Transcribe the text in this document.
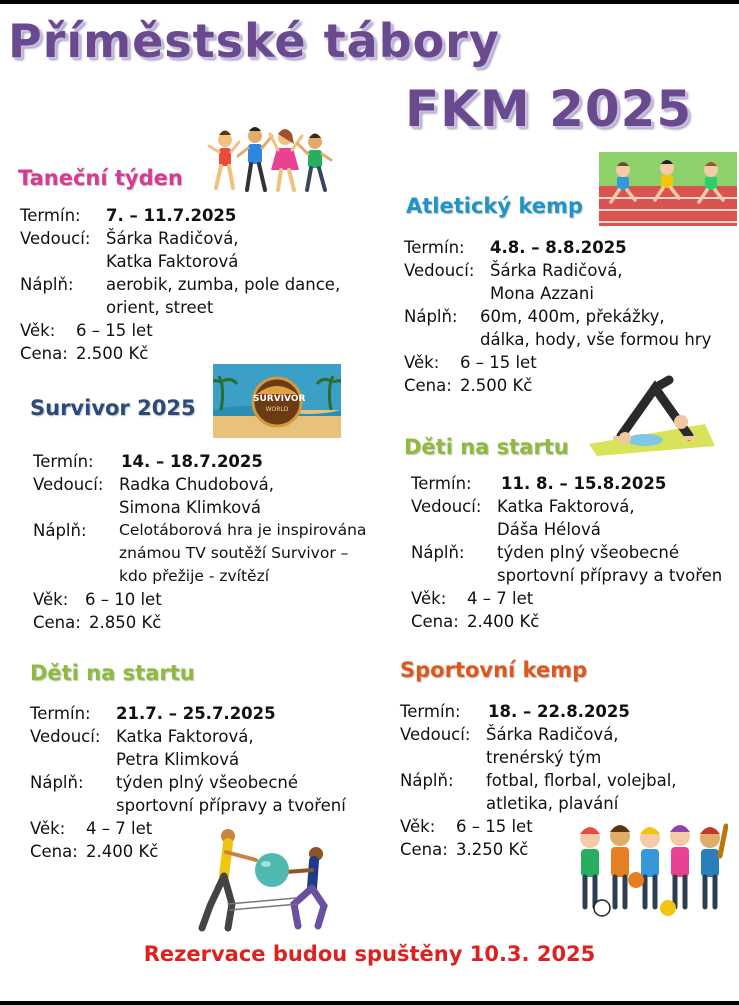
Příměstské tábory
FKM 2025
Taneční týden
Termín: 7. – 11.7.2025
Vedoucí: Šárka Radičová,
Katka Faktorová
Náplň: aerobik, zumba, pole dance,
orient, street
Věk: 6 – 15 let
Cena: 2.500 Kč
Atletický kemp
Termín: 4.8. – 8.8.2025
Vedoucí: Šárka Radičová,
Mona Azzani
Náplň: 60m, 400m, překážky,
dálka, hody, vše formou hry
Věk: 6 – 15 let
Cena: 2.500 Kč
Survivor 2025	SURVIVOR
WORLD
Termín: 14. – 18.7.2025
Vedoucí: Radka Chudobová,
Simona Klimková
Náplň: Celotáborová hra je inspirována
známou TV soutěží Survivor –
kdo přežije - zvítězí
Věk: 6 – 10 let
Cena: 2.850 Kč
Děti na startu
Termín: 11. 8. – 15.8.2025
Vedoucí: Katka Faktorová,
Dáša Hélová
Náplň: týden plný všeobecné
sportovní přípravy a tvořen
Věk: 4 – 7 let
Cena: 2.400 Kč
Děti na startu
Termín: 21.7. – 25.7.2025
Vedoucí: Katka Faktorová,
Petra Klimková
Náplň: týden plný všeobecné
sportovní přípravy a tvoření
Věk: 4 – 7 let
Cena: 2.400 Kč
Sportovní kemp
Termín: 18. – 22.8.2025
Vedoucí: Šárka Radičová,
trenérský tým
Náplň: fotbal, florbal, volejbal,
atletika, plavání
Věk: 6 – 15 let
Cena: 3.250 Kč
Rezervace budou spuštěny 10.3. 2025
